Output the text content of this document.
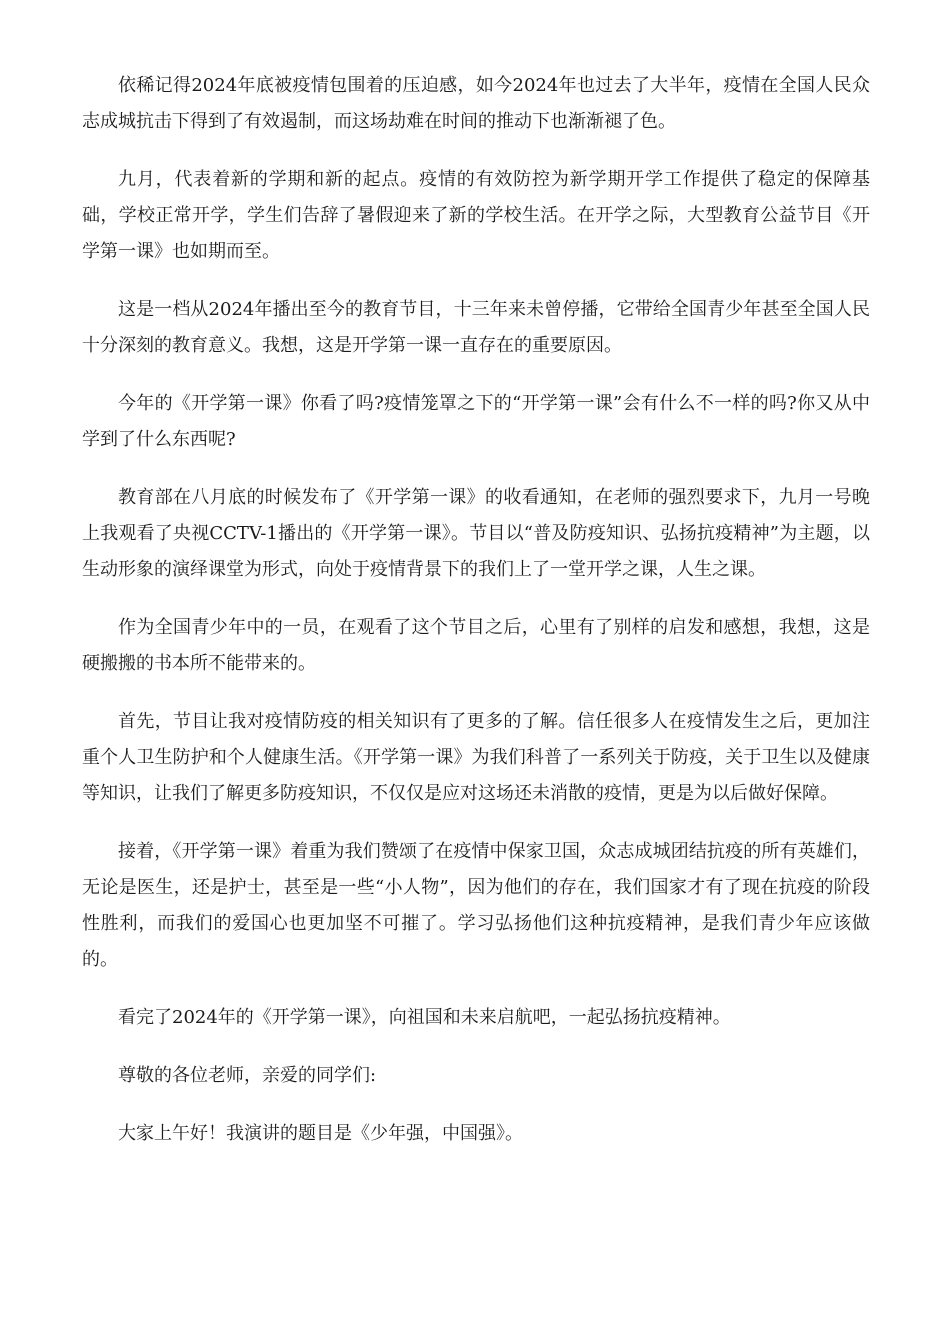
依稀记得2024年底被疫情包围着的压迫感，如今2024年也过去了大半年，疫情在全国人民众志成城抗击下得到了有效遏制，而这场劫难在时间的推动下也渐渐褪了色。

九月，代表着新的学期和新的起点。疫情的有效防控为新学期开学工作提供了稳定的保障基础，学校正常开学，学生们告辞了暑假迎来了新的学校生活。在开学之际，大型教育公益节目《开学第一课》也如期而至。

这是一档从2024年播出至今的教育节目，十三年来未曾停播，它带给全国青少年甚至全国人民十分深刻的教育意义。我想，这是开学第一课一直存在的重要原因。

今年的《开学第一课》你看了吗?疫情笼罩之下的“开学第一课”会有什么不一样的吗?你又从中学到了什么东西呢?

教育部在八月底的时候发布了《开学第一课》的收看通知，在老师的强烈要求下，九月一号晚上我观看了央视CCTV-1播出的《开学第一课》。节目以“普及防疫知识、弘扬抗疫精神”为主题，以生动形象的演绎课堂为形式，向处于疫情背景下的我们上了一堂开学之课，人生之课。

作为全国青少年中的一员，在观看了这个节目之后，心里有了别样的启发和感想，我想，这是硬搬搬的书本所不能带来的。

首先，节目让我对疫情防疫的相关知识有了更多的了解。信任很多人在疫情发生之后，更加注重个人卫生防护和个人健康生活。《开学第一课》为我们科普了一系列关于防疫，关于卫生以及健康等知识，让我们了解更多防疫知识，不仅仅是应对这场还未消散的疫情，更是为以后做好保障。

接着，《开学第一课》着重为我们赞颂了在疫情中保家卫国，众志成城团结抗疫的所有英雄们，无论是医生，还是护士，甚至是一些“小人物”，因为他们的存在，我们国家才有了现在抗疫的阶段性胜利，而我们的爱国心也更加坚不可摧了。学习弘扬他们这种抗疫精神，是我们青少年应该做的。

看完了2024年的《开学第一课》，向祖国和未来启航吧，一起弘扬抗疫精神。

尊敬的各位老师，亲爱的同学们:

大家上午好！我演讲的题目是《少年强，中国强》。
